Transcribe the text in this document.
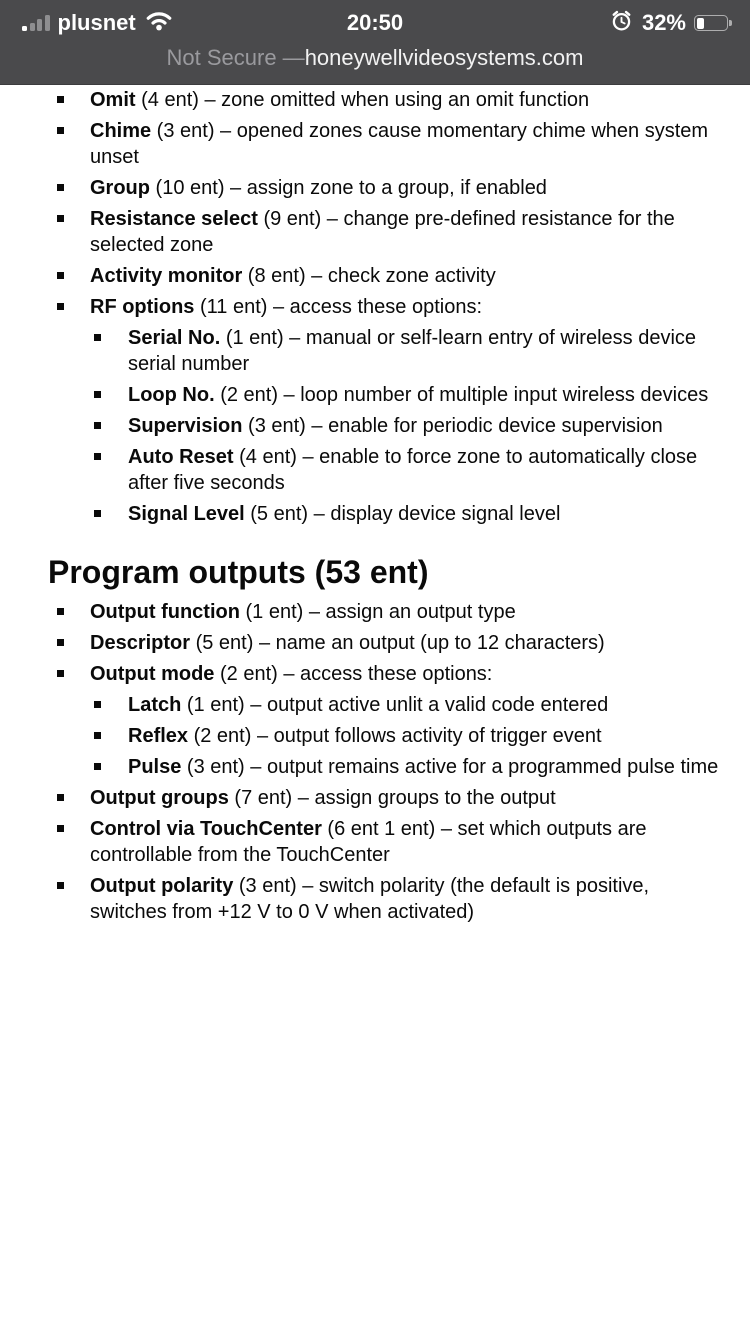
plusnet	20:50	32%
Not Secure — honeywellvideosystems.com
Omit (4 ent) – zone omitted when using an omit function
Chime (3 ent) – opened zones cause momentary chime when system unset
Group (10 ent) – assign zone to a group, if enabled
Resistance select (9 ent) – change pre-defined resistance for the selected zone
Activity monitor (8 ent) – check zone activity
RF options (11 ent) – access these options:
Serial No. (1 ent) – manual or self-learn entry of wireless device serial number
Loop No. (2 ent) – loop number of multiple input wireless devices
Supervision (3 ent) – enable for periodic device supervision
Auto Reset (4 ent) – enable to force zone to automatically close after five seconds
Signal Level (5 ent) – display device signal level
Program outputs (53 ent)
Output function (1 ent) – assign an output type
Descriptor (5 ent) – name an output (up to 12 characters)
Output mode (2 ent) – access these options:
Latch (1 ent) – output active unlit a valid code entered
Reflex (2 ent) – output follows activity of trigger event
Pulse (3 ent) – output remains active for a programmed pulse time
Output groups (7 ent) – assign groups to the output
Control via TouchCenter (6 ent 1 ent) – set which outputs are controllable from the TouchCenter
Output polarity (3 ent) – switch polarity (the default is positive, switches from +12 V to 0 V when activated)
